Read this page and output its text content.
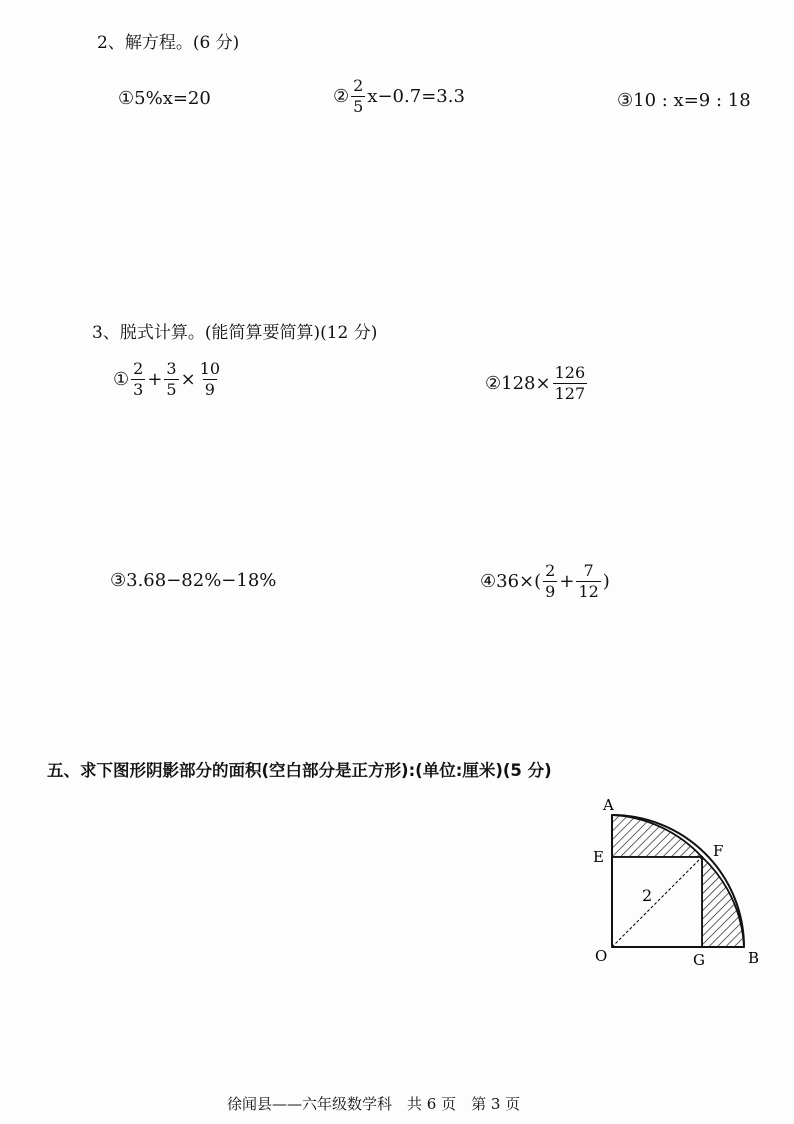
2、解方程。(6 分)
①5%x=20	② $\frac{2}{5} x-0.7=3.3$	③10 : x=9 : 18
3、脱式计算。(能简算要简算)(12 分)
① $\frac{2}{3} + \frac{3}{5} \times \frac{10}{9}$	②128× $\frac{126}{127}$
③3.68−82%−18%	④36×( $\frac{2}{9} + \frac{7}{12}$ )
五、求下图形阴影部分的面积(空白部分是正方形):(单位:厘米)(5 分)
2
A
E	F
O	G	B
徐闻县——六年级数学科　共 6 页　第 3 页
